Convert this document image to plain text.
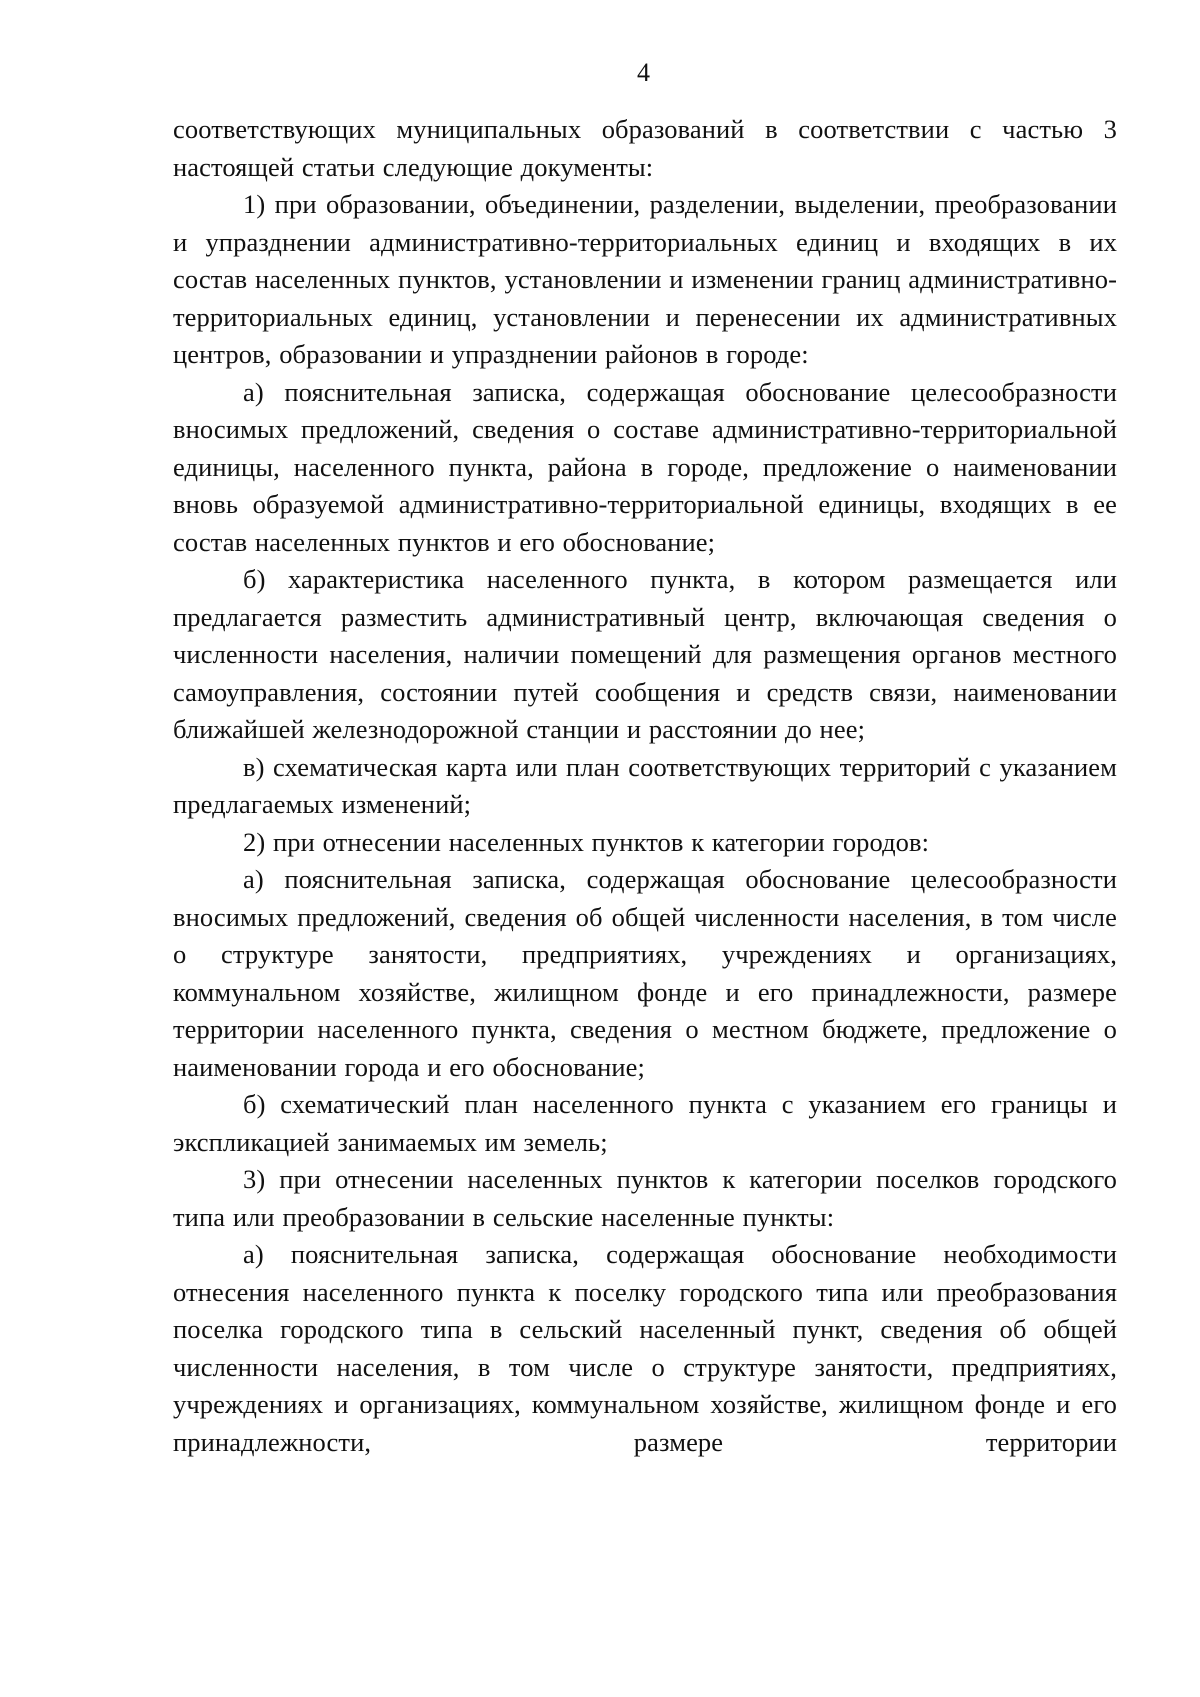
4

соответствующих муниципальных образований в соответствии с частью 3 настоящей статьи следующие документы:

1) при образовании, объединении, разделении, выделении, преобразовании и упразднении административно-территориальных единиц и входящих в их состав населенных пунктов, установлении и изменении границ административно-территориальных единиц, установлении и перенесении их административных центров, образовании и упразднении районов в городе:

а) пояснительная записка, содержащая обоснование целесообразности вносимых предложений, сведения о составе административно-территориальной единицы, населенного пункта, района в городе, предложение о наименовании вновь образуемой административно-территориальной единицы, входящих в ее состав населенных пунктов и его обоснование;

б) характеристика населенного пункта, в котором размещается или предлагается разместить административный центр, включающая сведения о численности населения, наличии помещений для размещения органов местного самоуправления, состоянии путей сообщения и средств связи, наименовании ближайшей железнодорожной станции и расстоянии до нее;

в) схематическая карта или план соответствующих территорий с указанием предлагаемых изменений;

2) при отнесении населенных пунктов к категории городов:

а) пояснительная записка, содержащая обоснование целесообразности вносимых предложений, сведения об общей численности населения, в том числе о структуре занятости, предприятиях, учреждениях и организациях, коммунальном хозяйстве, жилищном фонде и его принадлежности, размере территории населенного пункта, сведения о местном бюджете, предложение о наименовании города и его обоснование;

б) схематический план населенного пункта с указанием его границы и экспликацией занимаемых им земель;

3) при отнесении населенных пунктов к категории поселков городского типа или преобразовании в сельские населенные пункты:

а) пояснительная записка, содержащая обоснование необходимости отнесения населенного пункта к поселку городского типа или преобразования поселка городского типа в сельский населенный пункт, сведения об общей численности населения, в том числе о структуре занятости, предприятиях, учреждениях и организациях, коммунальном хозяйстве, жилищном фонде и его принадлежности, размере территории
